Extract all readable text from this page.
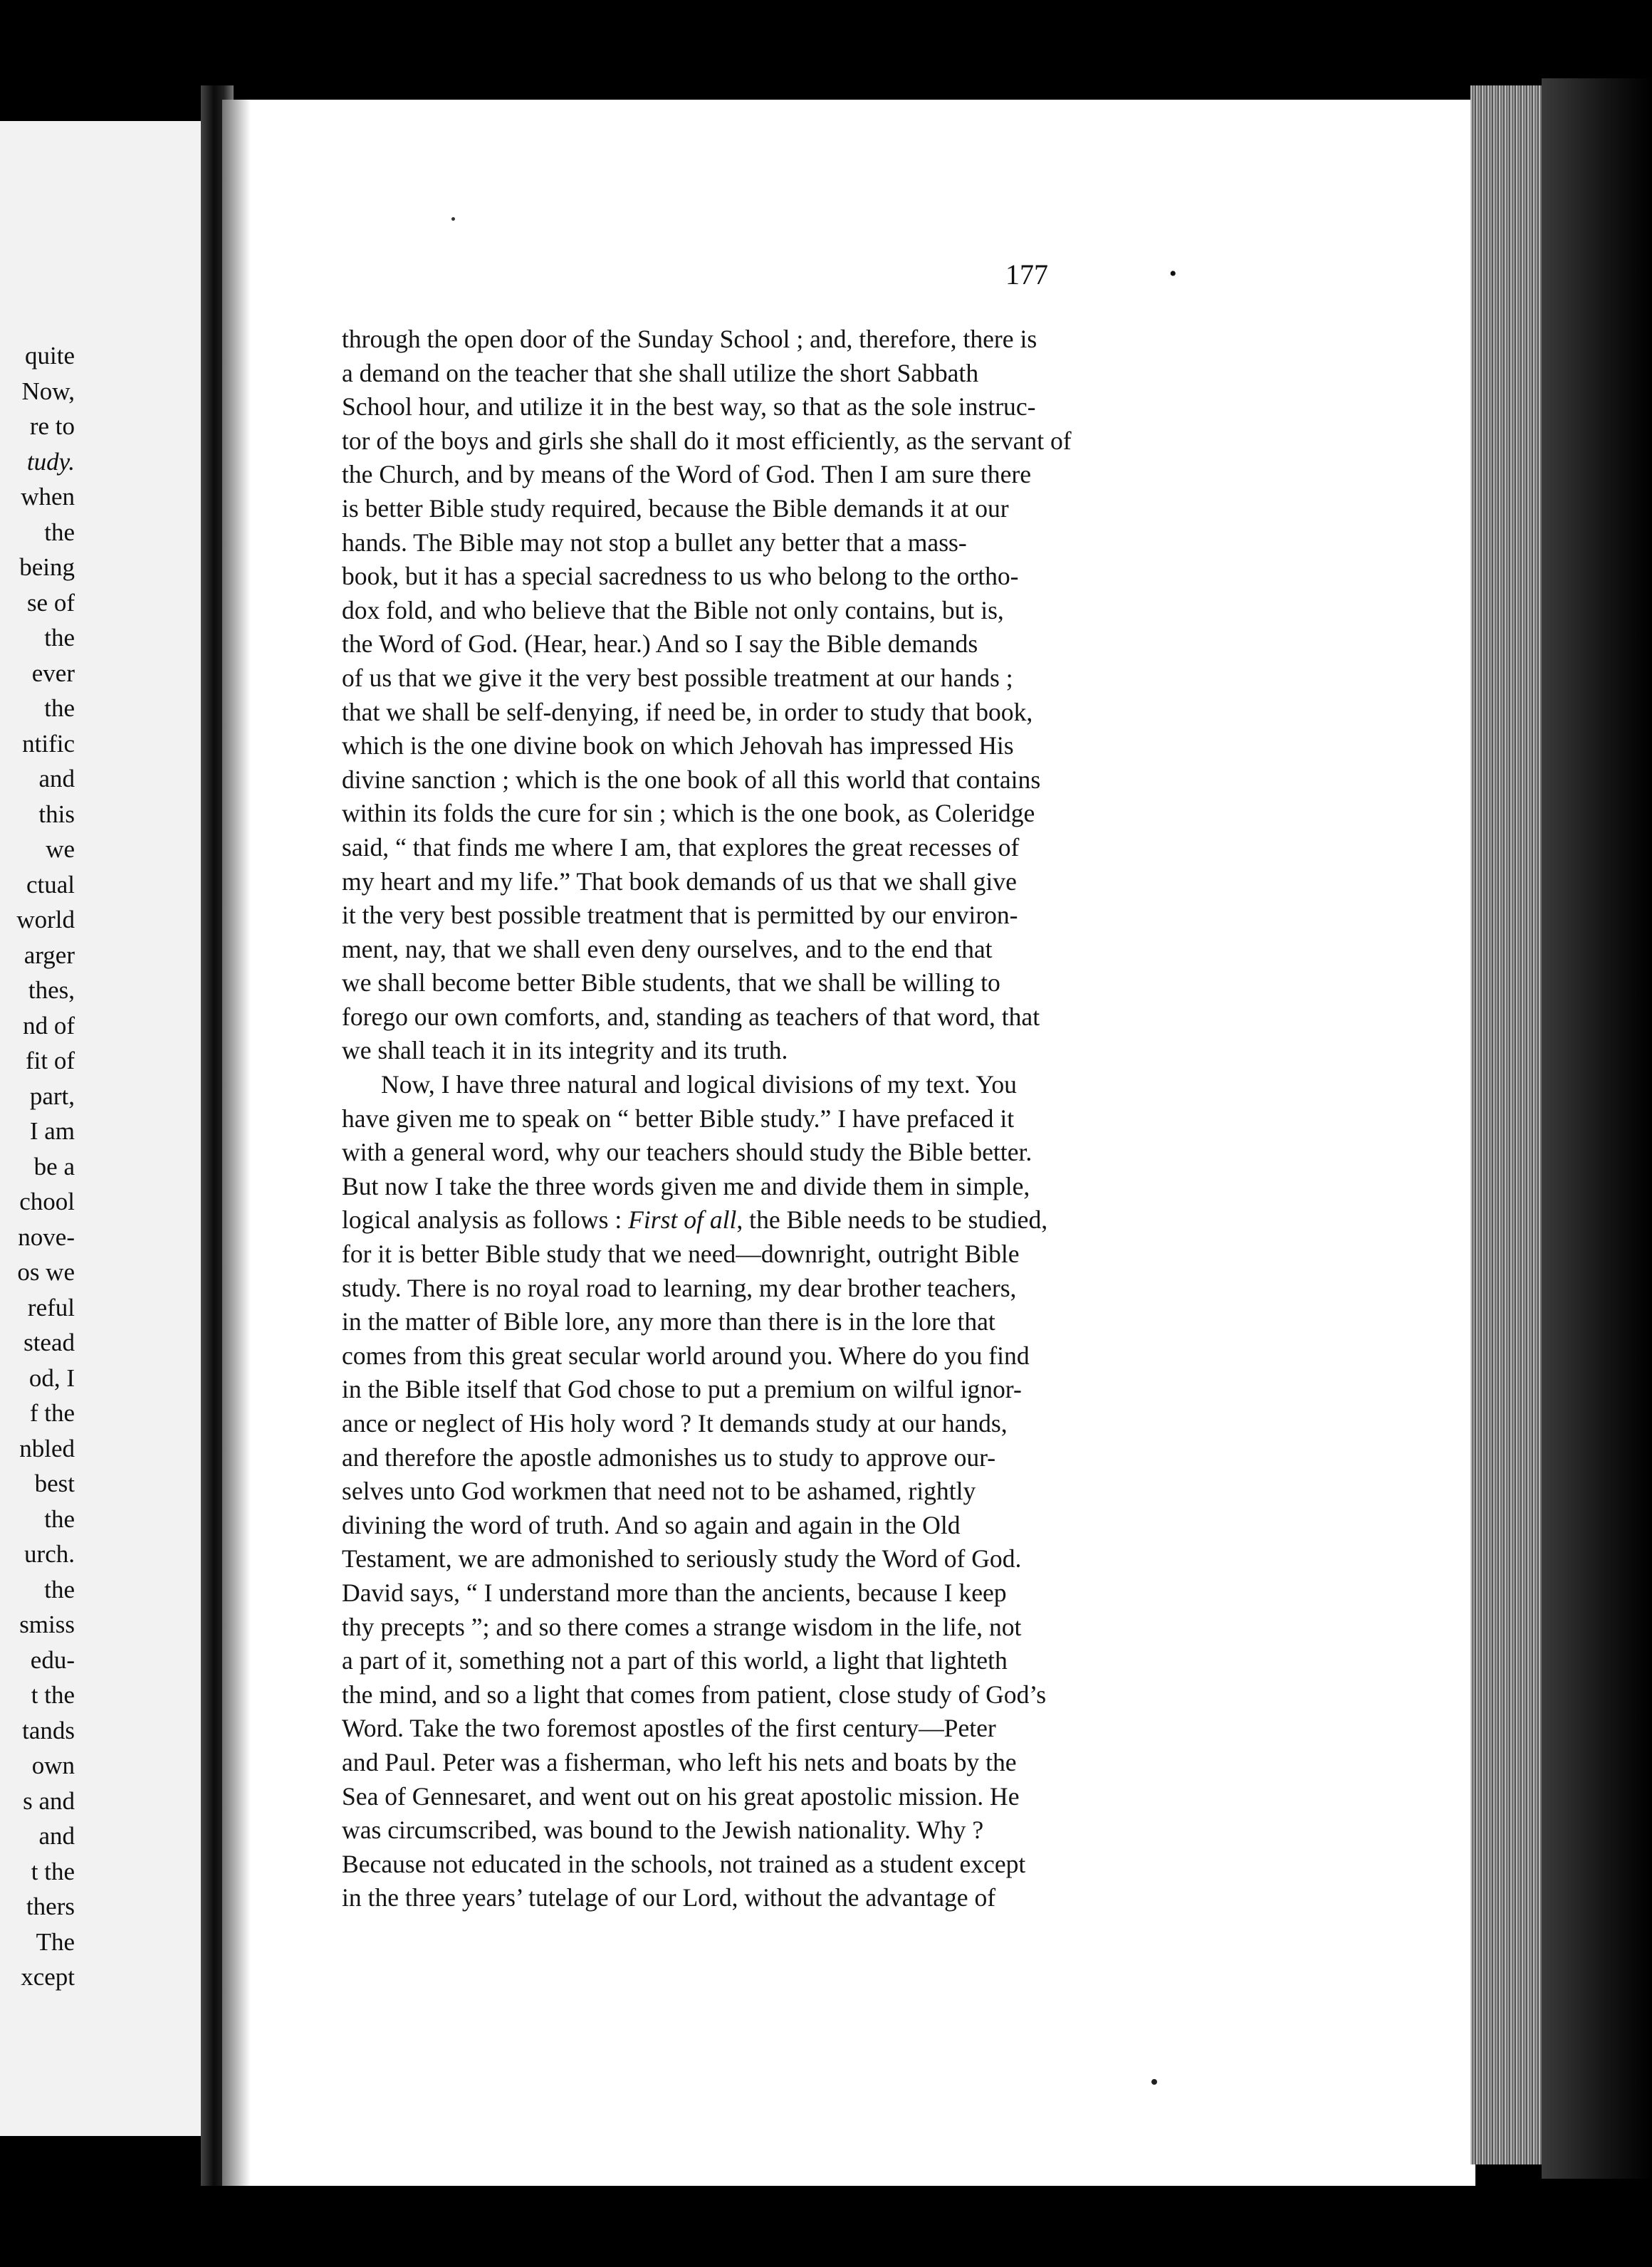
quite
Now,
re to
tudy.
when
the
being
se of
the
ever
the
ntific
and
this
we
ctual
world
arger
thes,
nd of
fit of
part,
I am
be a
chool
nove-
os we
reful
stead
od, I
f the
nbled
best
the
urch.
the
smiss
edu-
t the
tands
own
s and
and
t the
thers
The
xcept
177	•
through the open door of the Sunday School ; and, therefore, there is
a demand on the teacher that she shall utilize the short Sabbath
School hour, and utilize it in the best way, so that as the sole instruc-
tor of the boys and girls she shall do it most efficiently, as the servant of
the Church, and by means of the Word of God. Then I am sure there
is better Bible study required, because the Bible demands it at our
hands. The Bible may not stop a bullet any better that a mass-
book, but it has a special sacredness to us who belong to the ortho-
dox fold, and who believe that the Bible not only contains, but is,
the Word of God. (Hear, hear.) And so I say the Bible demands
of us that we give it the very best possible treatment at our hands ;
that we shall be self-denying, if need be, in order to study that book,
which is the one divine book on which Jehovah has impressed His
divine sanction ; which is the one book of all this world that contains
within its folds the cure for sin ; which is the one book, as Coleridge
said, “ that finds me where I am, that explores the great recesses of
my heart and my life.” That book demands of us that we shall give
it the very best possible treatment that is permitted by our environ-
ment, nay, that we shall even deny ourselves, and to the end that
we shall become better Bible students, that we shall be willing to
forego our own comforts, and, standing as teachers of that word, that
we shall teach it in its integrity and its truth.
Now, I have three natural and logical divisions of my text. You
have given me to speak on “ better Bible study.” I have prefaced it
with a general word, why our teachers should study the Bible better.
But now I take the three words given me and divide them in simple,
logical analysis as follows : First of all, the Bible needs to be studied,
for it is better Bible study that we need—downright, outright Bible
study. There is no royal road to learning, my dear brother teachers,
in the matter of Bible lore, any more than there is in the lore that
comes from this great secular world around you. Where do you find
in the Bible itself that God chose to put a premium on wilful ignor-
ance or neglect of His holy word ? It demands study at our hands,
and therefore the apostle admonishes us to study to approve our-
selves unto God workmen that need not to be ashamed, rightly
divining the word of truth. And so again and again in the Old
Testament, we are admonished to seriously study the Word of God.
David says, “ I understand more than the ancients, because I keep
thy precepts ”; and so there comes a strange wisdom in the life, not
a part of it, something not a part of this world, a light that lighteth
the mind, and so a light that comes from patient, close study of God’s
Word. Take the two foremost apostles of the first century—Peter
and Paul. Peter was a fisherman, who left his nets and boats by the
Sea of Gennesaret, and went out on his great apostolic mission. He
was circumscribed, was bound to the Jewish nationality. Why ?
Because not educated in the schools, not trained as a student except
in the three years’ tutelage of our Lord, without the advantage of
